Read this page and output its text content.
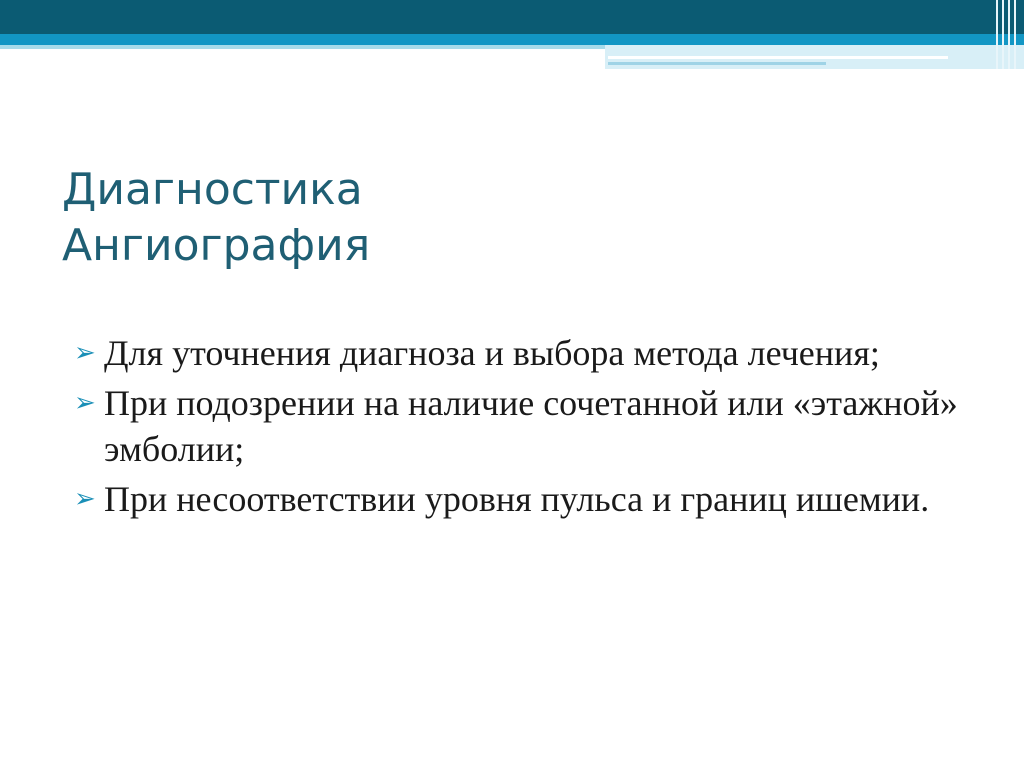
Диагностика
Ангиография
➢ Для уточнения диагноза и выбора метода лечения;
➢ При подозрении на наличие сочетанной или «этажной» эмболии;
➢ При несоответствии уровня пульса и границ ишемии.
